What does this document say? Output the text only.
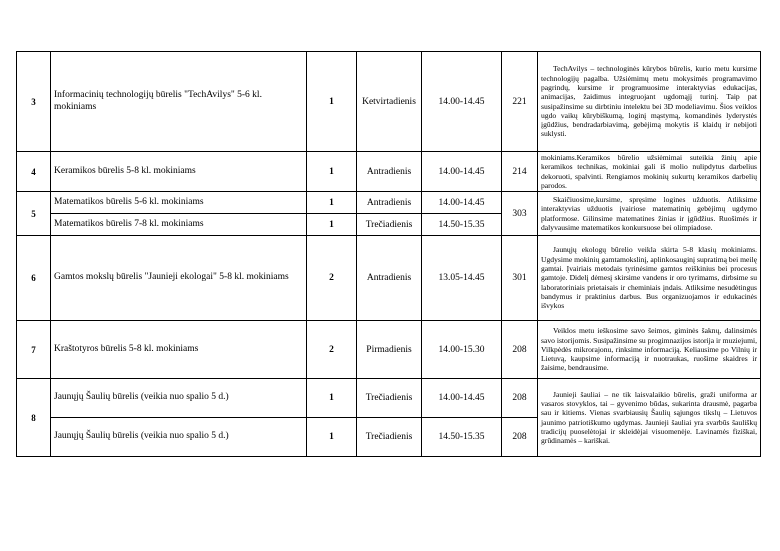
3	Informacinių technologijų būrelis "TechAvilys" 5-6 kl. mokiniams	1	Ketvirtadienis	14.00-14.45	221	TechAvilys – technologinės kūrybos būrelis, kurio metu kursime technologijų pagalba. Užsiėmimų metu mokysimės programavimo pagrindų, kursime ir programuosime interaktyvias edukacijas, animacijas, žaidimus integruojant ugdomąjį turinį. Taip pat susipažinsime su dirbtiniu intelektu bei 3D modeliavimu. Šios veiklos ugdo vaikų kūrybiškumą, loginį mąstymą, komandinės lyderystės įgūdžius, bendradarbiavimą, gebėjimą mokytis iš klaidų ir nebijoti suklysti.

4	Keramikos būrelis 5-8 kl. mokiniams	1	Antradienis	14.00-14.45	214	mokiniams.Keramikos būrelio užsiėmimai suteikia žinių apie keramikos technikas, mokiniai gali iš molio nulipdytus darbelius dekoruoti, spalvinti. Rengiamos mokinių sukurtų keramikos darbelių parodos.
5	Matematikos būrelis 5-6 kl. mokiniams	1	Antradienis	14.00-14.45	303	Skaičiuosime,kursime, spręsime logines užduotis. Atliksime interaktyvias užduotis įvairiose matematinių gebėjimų ugdymo platformose. Gilinsime matematines žinias ir įgūdžius. Ruošimės ir dalyvausime matematikos konkursuose bei olimpiadose.

	Matematikos būrelis 7-8 kl. mokiniams	1	Trečiadienis	14.50-15.35		
6	Gamtos mokslų būrelis "Jaunieji ekologai" 5-8 kl. mokiniams	2	Antradienis	13.05-14.45	301	Jaunųjų ekologų būrelio veikla skirta 5-8 klasių mokiniams. Ugdysime mokinių gamtamokslinį, aplinkosauginį supratimą bei meilę gamtai. Įvairiais metodais tyrinėsime gamtos reiškinius bei procesus gamtoje. Didelį dėmesį skirsime vandens ir oro tyrimams, dirbsime su laboratoriniais prietaisais ir cheminiais įndais. Atliksime nesudėtingus bandymus ir praktinius darbus. Bus organizuojamos ir edukacinės išvykos

7	Kraštotyros būrelis 5-8 kl. mokiniams	2	Pirmadienis	14.00-15.30	208	Veiklos metu ieškosime savo šeimos, giminės šaknų, dalinsimės savo istorijomis. Susipažinsime su progimnazijos istorija ir muziejumi, Vilkpėdės mikrorajonu, rinksime informaciją. Keliausime po Vilnių ir Lietuvą, kaupsime informaciją ir nuotraukas, ruošime skaidres ir žaisime, bendrausime.

8	Jaunųjų Šaulių būrelis (veikia nuo spalio 5 d.)	1	Trečiadienis	14.00-14.45	208	Jaunieji šauliai – ne tik laisvalaikio būrelis, graži uniforma ar vasaros stovyklos, tai – gyvenimo būdas, sukarinta drausmė, pagarba sau ir kitiems. Vienas svarbiausių Šaulių sąjungos tikslų – Lietuvos jaunimo patriotiškumo ugdymas. Jaunieji šauliai yra svarbūs šauliškų tradicijų puoselėtojai ir skleidėjai visuomenėje. Lavinamės fiziškai, grūdinamės – kariškai.

	Jaunųjų Šaulių būrelis (veikia nuo spalio 5 d.)	1	Trečiadienis	14.50-15.35	208	
